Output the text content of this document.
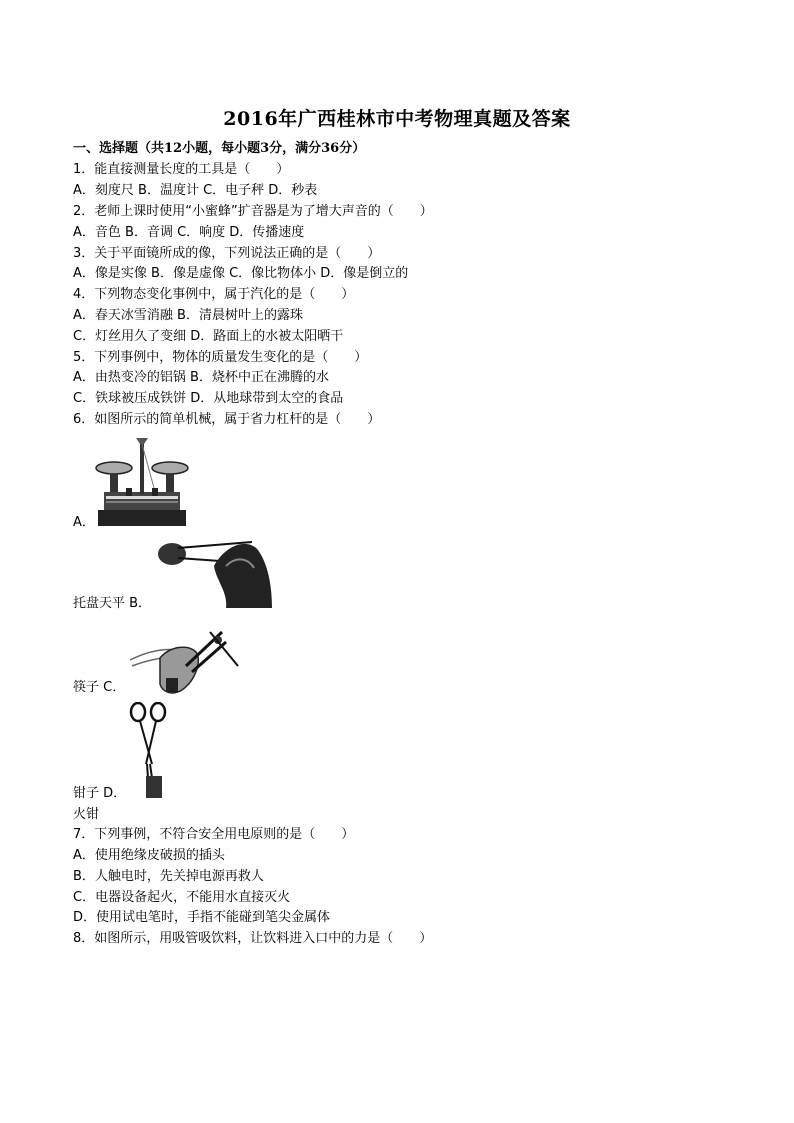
2016年广西桂林市中考物理真题及答案
一、选择题（共12小题，每小题3分，满分36分）
1．能直接测量长度的工具是（　　）
A．刻度尺 B．温度计 C．电子秤 D．秒表
2．老师上课时使用“小蜜蜂”扩音器是为了增大声音的（　　）
A．音色 B．音调 C．响度 D．传播速度
3．关于平面镜所成的像，下列说法正确的是（　　）
A．像是实像 B．像是虚像 C．像比物体小 D．像是倒立的
4．下列物态变化事例中，属于汽化的是（　　）
A．春天冰雪消融 B．清晨树叶上的露珠
C．灯丝用久了变细 D．路面上的水被太阳晒干
5．下列事例中，物体的质量发生变化的是（　　）
A．由热变冷的铝锅 B．烧杯中正在沸腾的水
C．铁球被压成铁饼 D．从地球带到太空的食品
6．如图所示的简单机械，属于省力杠杆的是（　　）
A．
托盘天平 B．
筷子 C．
钳子 D．
火钳
7．下列事例，不符合安全用电原则的是（　　）
A．使用绝缘皮破损的插头
B．人触电时，先关掉电源再救人
C．电器设备起火，不能用水直接灭火
D．使用试电笔时，手指不能碰到笔尖金属体
8．如图所示，用吸管吸饮料，让饮料进入口中的力是（　　）
